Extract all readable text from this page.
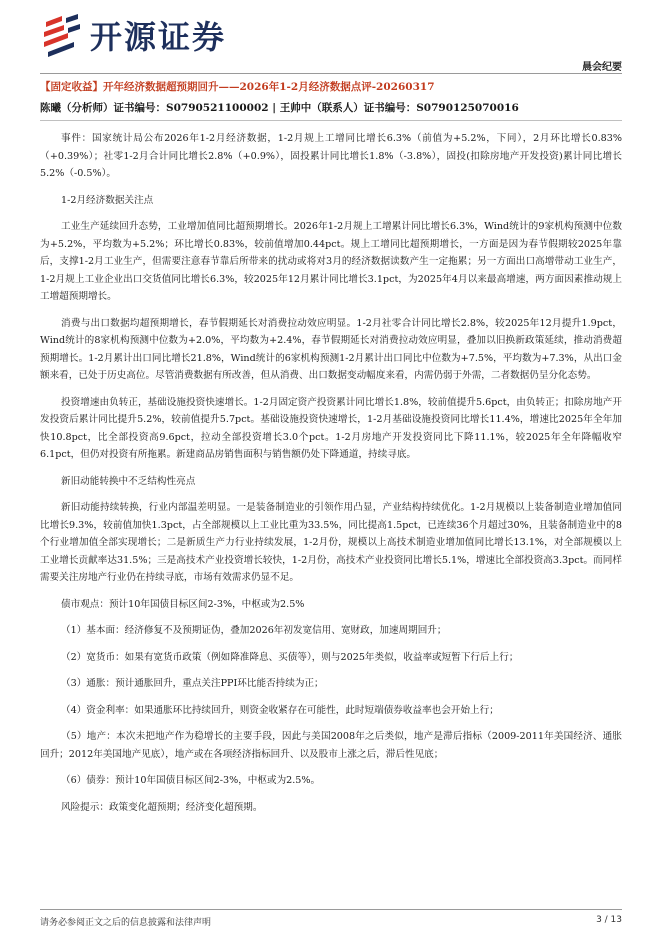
开源证券
晨会纪要
【固定收益】开年经济数据超预期回升——2026年1-2月经济数据点评-20260317
陈曦（分析师）证书编号：S0790521100002 | 王帅中（联系人）证书编号：S0790125070016

事件：国家统计局公布2026年1-2月经济数据，1-2月规上工增同比增长6.3%（前值为+5.2%，下同），2月环比增长0.83%（+0.39%）；社零1-2月合计同比增长2.8%（+0.9%），固投累计同比增长1.8%（-3.8%），固投(扣除房地产开发投资)累计同比增长5.2%（-0.5%）。

1-2月经济数据关注点

工业生产延续回升态势，工业增加值同比超预期增长。2026年1-2月规上工增累计同比增长6.3%，Wind统计的9家机构预测中位数为+5.2%，平均数为+5.2%；环比增长0.83%，较前值增加0.44pct。规上工增同比超预期增长，一方面是因为春节假期较2025年靠后，支撑1-2月工业生产，但需要注意春节靠后所带来的扰动或将对3月的经济数据读数产生一定拖累；另一方面出口高增带动工业生产，1-2月规上工业企业出口交货值同比增长6.3%，较2025年12月累计同比增长3.1pct，为2025年4月以来最高增速，两方面因素推动规上工增超预期增长。

消费与出口数据均超预期增长，春节假期延长对消费拉动效应明显。1-2月社零合计同比增长2.8%，较2025年12月提升1.9pct，Wind统计的8家机构预测中位数为+2.0%，平均数为+2.4%，春节假期延长对消费拉动效应明显，叠加以旧换新政策延续，推动消费超预期增长。1-2月累计出口同比增长21.8%，Wind统计的6家机构预测1-2月累计出口同比中位数为+7.5%，平均数为+7.3%，从出口金额来看，已处于历史高位。尽管消费数据有所改善，但从消费、出口数据变动幅度来看，内需仍弱于外需，二者数据仍呈分化态势。

投资增速由负转正，基础设施投资快速增长。1-2月固定资产投资累计同比增长1.8%，较前值提升5.6pct，由负转正；扣除房地产开发投资后累计同比提升5.2%，较前值提升5.7pct。基础设施投资快速增长，1-2月基础设施投资同比增长11.4%，增速比2025年全年加快10.8pct，比全部投资高9.6pct，拉动全部投资增长3.0个pct。1-2月房地产开发投资同比下降11.1%，较2025年全年降幅收窄6.1pct，但仍对投资有所拖累。新建商品房销售面积与销售额仍处下降通道，持续寻底。

新旧动能转换中不乏结构性亮点

新旧动能持续转换，行业内部温差明显。一是装备制造业的引领作用凸显，产业结构持续优化。1-2月规模以上装备制造业增加值同比增长9.3%，较前值加快1.3pct，占全部规模以上工业比重为33.5%，同比提高1.5pct，已连续36个月超过30%，且装备制造业中的8个行业增加值全部实现增长；二是新质生产力行业持续发展，1-2月份，规模以上高技术制造业增加值同比增长13.1%，对全部规模以上工业增长贡献率达31.5%；三是高技术产业投资增长较快，1-2月份，高技术产业投资同比增长5.1%，增速比全部投资高3.3pct。而同样需要关注房地产行业仍在持续寻底，市场有效需求仍显不足。

债市观点：预计10年国债目标区间2-3%，中枢或为2.5%

（1）基本面：经济修复不及预期证伪，叠加2026年初发宽信用、宽财政，加速周期回升；

（2）宽货币：如果有宽货币政策（例如降准降息、买债等），则与2025年类似，收益率或短暂下行后上行；

（3）通胀：预计通胀回升，重点关注PPI环比能否持续为正；

（4）资金利率：如果通胀环比持续回升，则资金收紧存在可能性，此时短端债券收益率也会开始上行；

（5）地产：本次未把地产作为稳增长的主要手段，因此与美国2008年之后类似，地产是滞后指标（2009-2011年美国经济、通胀回升；2012年美国地产见底），地产或在各项经济指标回升、以及股市上涨之后，滞后性见底；

（6）债券：预计10年国债目标区间2-3%，中枢或为2.5%。

风险提示：政策变化超预期；经济变化超预期。

请务必参阅正文之后的信息披露和法律声明	3 / 13
